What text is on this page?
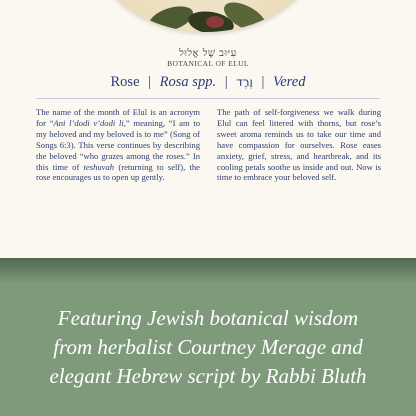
עִיּוּב שֶׁל אֱלוּל
BOTANICAL OF ELUL
Rose | Rosa spp. | וֶרֶד | Vered
The name of the month of Elul is an acronym for “Ani l’dodi v’dodi li,” meaning, “I am to my beloved and my beloved is to me” (Song of Songs 6:3). This verse continues by describing the beloved “who grazes among the roses.” In this time of teshuvah (returning to self), the rose encourages us to open up gently.
The path of self-forgiveness we walk during Elul can feel littered with thorns, but rose’s sweet aroma reminds us to take our time and have compassion for ourselves. Rose eases anxiety, grief, stress, and heartbreak, and its cooling petals soothe us inside and out. Now is time to embrace your beloved self.
Featuring Jewish botanical wisdom
from herbalist Courtney Merage and
elegant Hebrew script by Rabbi Bluth
